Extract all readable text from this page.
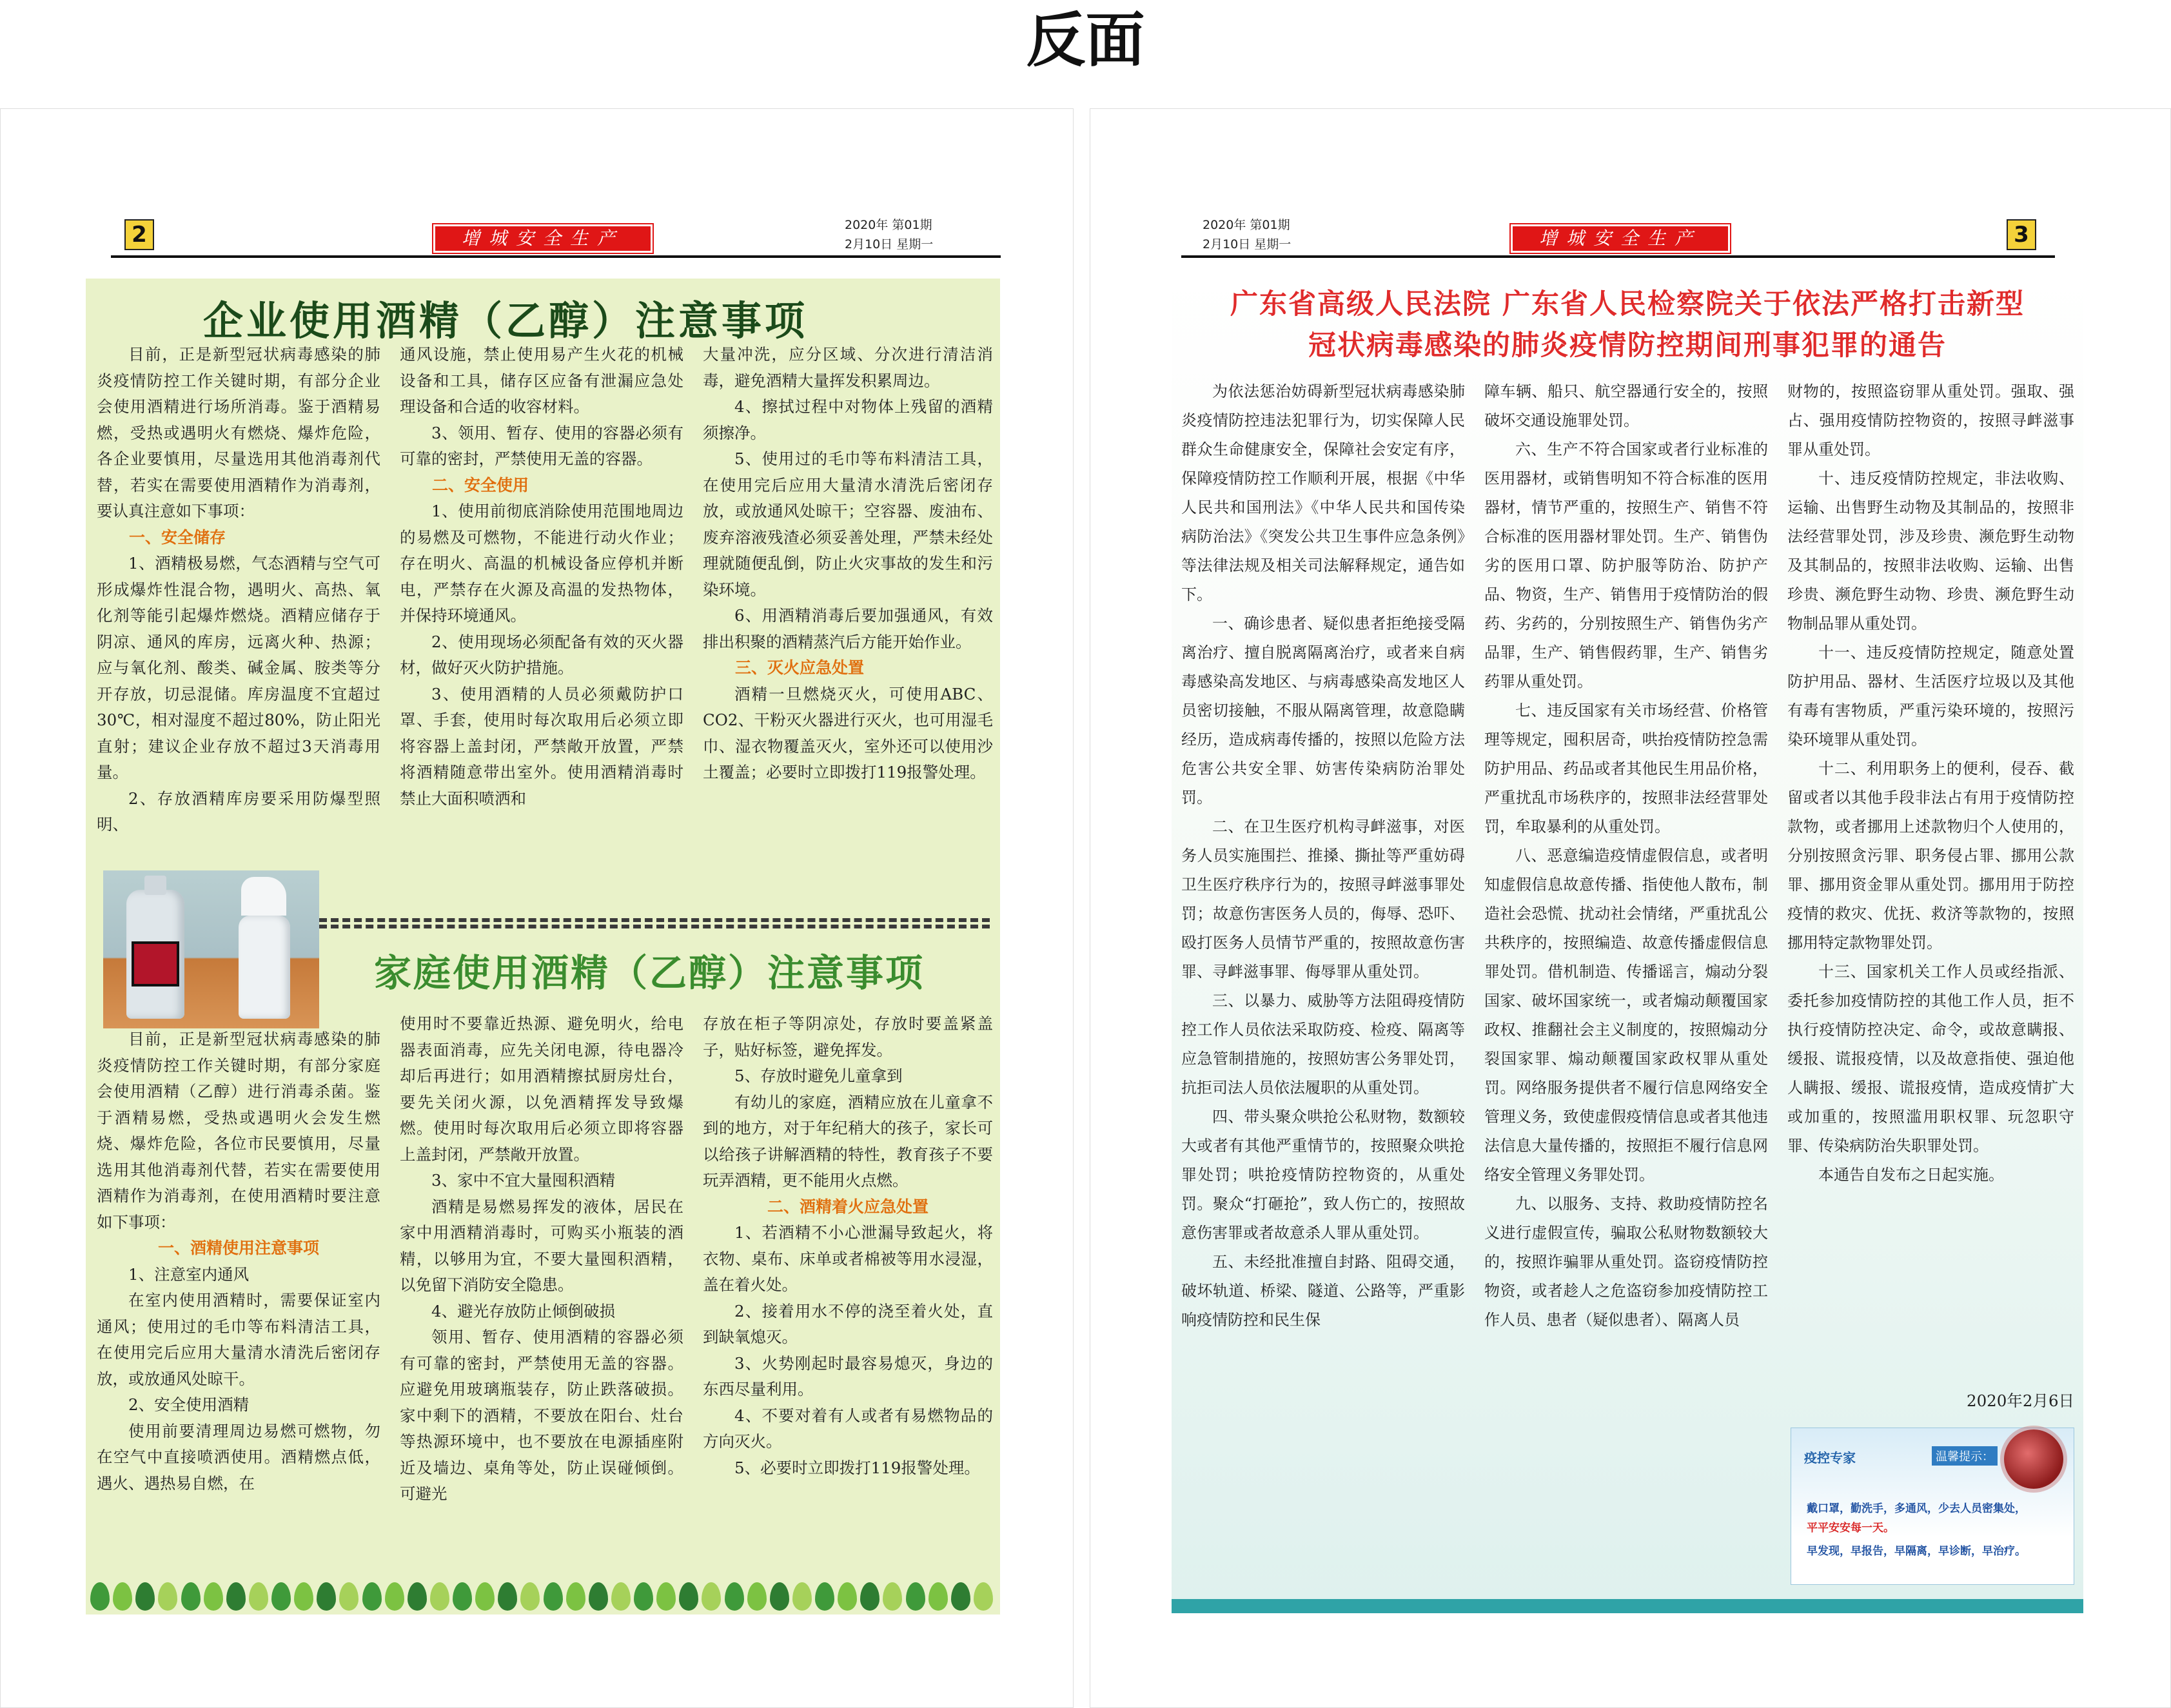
反面
2	增城安全生产
2020年 第01期
2月10日 星期一
企业使用酒精（乙醇）注意事项

目前，正是新型冠状病毒感染的肺炎疫情防控工作关键时期，有部分企业会使用酒精进行场所消毒。鉴于酒精易燃，受热或遇明火有燃烧、爆炸危险，各企业要慎用，尽量选用其他消毒剂代替，若实在需要使用酒精作为消毒剂，要认真注意如下事项：

一、安全储存

1、酒精极易燃，气态酒精与空气可形成爆炸性混合物，遇明火、高热、氧化剂等能引起爆炸燃烧。酒精应储存于阴凉、通风的库房，远离火种、热源；应与氧化剂、酸类、碱金属、胺类等分开存放，切忌混储。库房温度不宜超过30℃，相对湿度不超过80%，防止阳光直射；建议企业存放不超过3天消毒用量。

2、存放酒精库房要采用防爆型照明、

通风设施，禁止使用易产生火花的机械设备和工具，储存区应备有泄漏应急处理设备和合适的收容材料。

3、领用、暂存、使用的容器必须有可靠的密封，严禁使用无盖的容器。

二、安全使用

1、使用前彻底消除使用范围地周边的易燃及可燃物，不能进行动火作业；存在明火、高温的机械设备应停机并断电，严禁存在火源及高温的发热物体，并保持环境通风。

2、使用现场必须配备有效的灭火器材，做好灭火防护措施。

3、使用酒精的人员必须戴防护口罩、手套，使用时每次取用后必须立即将容器上盖封闭，严禁敞开放置，严禁将酒精随意带出室外。使用酒精消毒时禁止大面积喷洒和

大量冲洗，应分区域、分次进行清洁消毒，避免酒精大量挥发积累周边。

4、擦拭过程中对物体上残留的酒精须擦净。

5、使用过的毛巾等布料清洁工具，在使用完后应用大量清水清洗后密闭存放，或放通风处晾干；空容器、废油布、废弃溶液残渣必须妥善处理，严禁未经处理就随便乱倒，防止火灾事故的发生和污染环境。

6、用酒精消毒后要加强通风，有效排出积聚的酒精蒸汽后方能开始作业。

三、灭火应急处置

酒精一旦燃烧灭火，可使用ABC、CO2、干粉灭火器进行灭火，也可用湿毛巾、湿衣物覆盖灭火，室外还可以使用沙土覆盖；必要时立即拨打119报警处理。

家庭使用酒精（乙醇）注意事项

目前，正是新型冠状病毒感染的肺炎疫情防控工作关键时期，有部分家庭会使用酒精（乙醇）进行消毒杀菌。鉴于酒精易燃，受热或遇明火会发生燃烧、爆炸危险，各位市民要慎用，尽量选用其他消毒剂代替，若实在需要使用酒精作为消毒剂，在使用酒精时要注意如下事项：

一、酒精使用注意事项

1、注意室内通风

在室内使用酒精时，需要保证室内通风；使用过的毛巾等布料清洁工具，在使用完后应用大量清水清洗后密闭存放，或放通风处晾干。

2、安全使用酒精

使用前要清理周边易燃可燃物，勿在空气中直接喷洒使用。酒精燃点低，遇火、遇热易自燃，在

使用时不要靠近热源、避免明火，给电器表面消毒，应先关闭电源，待电器冷却后再进行；如用酒精擦拭厨房灶台，要先关闭火源，以免酒精挥发导致爆燃。使用时每次取用后必须立即将容器上盖封闭，严禁敞开放置。

3、家中不宜大量囤积酒精

酒精是易燃易挥发的液体，居民在家中用酒精消毒时，可购买小瓶装的酒精，以够用为宜，不要大量囤积酒精，以免留下消防安全隐患。

4、避光存放防止倾倒破损

领用、暂存、使用酒精的容器必须有可靠的密封，严禁使用无盖的容器。应避免用玻璃瓶装存，防止跌落破损。家中剩下的酒精，不要放在阳台、灶台等热源环境中，也不要放在电源插座附近及墙边、桌角等处，防止误碰倾倒。可避光

存放在柜子等阴凉处，存放时要盖紧盖子，贴好标签，避免挥发。

5、存放时避免儿童拿到

有幼儿的家庭，酒精应放在儿童拿不到的地方，对于年纪稍大的孩子，家长可以给孩子讲解酒精的特性，教育孩子不要玩弄酒精，更不能用火点燃。

二、酒精着火应急处置

1、若酒精不小心泄漏导致起火，将衣物、桌布、床单或者棉被等用水浸湿，盖在着火处。

2、接着用水不停的浇至着火处，直到缺氧熄灭。

3、火势刚起时最容易熄灭，身边的东西尽量利用。

4、不要对着有人或者有易燃物品的方向灭火。

5、必要时立即拨打119报警处理。

2020年 第01期
2月10日 星期一	增城安全生产	3
广东省高级人民法院 广东省人民检察院关于依法严格打击新型
冠状病毒感染的肺炎疫情防控期间刑事犯罪的通告

为依法惩治妨碍新型冠状病毒感染肺炎疫情防控违法犯罪行为，切实保障人民群众生命健康安全，保障社会安定有序，保障疫情防控工作顺利开展，根据《中华人民共和国刑法》《中华人民共和国传染病防治法》《突发公共卫生事件应急条例》等法律法规及相关司法解释规定，通告如下。

一、确诊患者、疑似患者拒绝接受隔离治疗、擅自脱离隔离治疗，或者来自病毒感染高发地区、与病毒感染高发地区人员密切接触，不服从隔离管理，故意隐瞒经历，造成病毒传播的，按照以危险方法危害公共安全罪、妨害传染病防治罪处罚。

二、在卫生医疗机构寻衅滋事，对医务人员实施围拦、推搡、撕扯等严重妨碍卫生医疗秩序行为的，按照寻衅滋事罪处罚；故意伤害医务人员的，侮辱、恐吓、殴打医务人员情节严重的，按照故意伤害罪、寻衅滋事罪、侮辱罪从重处罚。

三、以暴力、威胁等方法阻碍疫情防控工作人员依法采取防疫、检疫、隔离等应急管制措施的，按照妨害公务罪处罚，抗拒司法人员依法履职的从重处罚。

四、带头聚众哄抢公私财物，数额较大或者有其他严重情节的，按照聚众哄抢罪处罚；哄抢疫情防控物资的，从重处罚。聚众“打砸抢”，致人伤亡的，按照故意伤害罪或者故意杀人罪从重处罚。

五、未经批准擅自封路、阻碍交通，破坏轨道、桥梁、隧道、公路等，严重影响疫情防控和民生保

障车辆、船只、航空器通行安全的，按照破坏交通设施罪处罚。

六、生产不符合国家或者行业标准的医用器材，或销售明知不符合标准的医用器材，情节严重的，按照生产、销售不符合标准的医用器材罪处罚。生产、销售伪劣的医用口罩、防护服等防治、防护产品、物资，生产、销售用于疫情防治的假药、劣药的，分别按照生产、销售伪劣产品罪，生产、销售假药罪，生产、销售劣药罪从重处罚。

七、违反国家有关市场经营、价格管理等规定，囤积居奇，哄抬疫情防控急需防护用品、药品或者其他民生用品价格，严重扰乱市场秩序的，按照非法经营罪处罚，牟取暴利的从重处罚。

八、恶意编造疫情虚假信息，或者明知虚假信息故意传播、指使他人散布，制造社会恐慌、扰动社会情绪，严重扰乱公共秩序的，按照编造、故意传播虚假信息罪处罚。借机制造、传播谣言，煽动分裂国家、破坏国家统一，或者煽动颠覆国家政权、推翻社会主义制度的，按照煽动分裂国家罪、煽动颠覆国家政权罪从重处罚。网络服务提供者不履行信息网络安全管理义务，致使虚假疫情信息或者其他违法信息大量传播的，按照拒不履行信息网络安全管理义务罪处罚。

九、以服务、支持、救助疫情防控名义进行虚假宣传，骗取公私财物数额较大的，按照诈骗罪从重处罚。盗窃疫情防控物资，或者趁人之危盗窃参加疫情防控工作人员、患者（疑似患者）、隔离人员

财物的，按照盗窃罪从重处罚。强取、强占、强用疫情防控物资的，按照寻衅滋事罪从重处罚。

十、违反疫情防控规定，非法收购、运输、出售野生动物及其制品的，按照非法经营罪处罚，涉及珍贵、濒危野生动物及其制品的，按照非法收购、运输、出售珍贵、濒危野生动物、珍贵、濒危野生动物制品罪从重处罚。

十一、违反疫情防控规定，随意处置防护用品、器材、生活医疗垃圾以及其他有毒有害物质，严重污染环境的，按照污染环境罪从重处罚。

十二、利用职务上的便利，侵吞、截留或者以其他手段非法占有用于疫情防控款物，或者挪用上述款物归个人使用的，分别按照贪污罪、职务侵占罪、挪用公款罪、挪用资金罪从重处罚。挪用用于防控疫情的救灾、优抚、救济等款物的，按照挪用特定款物罪处罚。

十三、国家机关工作人员或经指派、委托参加疫情防控的其他工作人员，拒不执行疫情防控决定、命令，或故意瞒报、缓报、谎报疫情，以及故意指使、强迫他人瞒报、缓报、谎报疫情，造成疫情扩大或加重的，按照滥用职权罪、玩忽职守罪、传染病防治失职罪处罚。

本通告自发布之日起实施。

2020年2月6日
疫控专家	温馨提示：
戴口罩，勤洗手，多通风，少去人员密集处，
平平安安每一天。
早发现，早报告，早隔离，早诊断，早治疗。
